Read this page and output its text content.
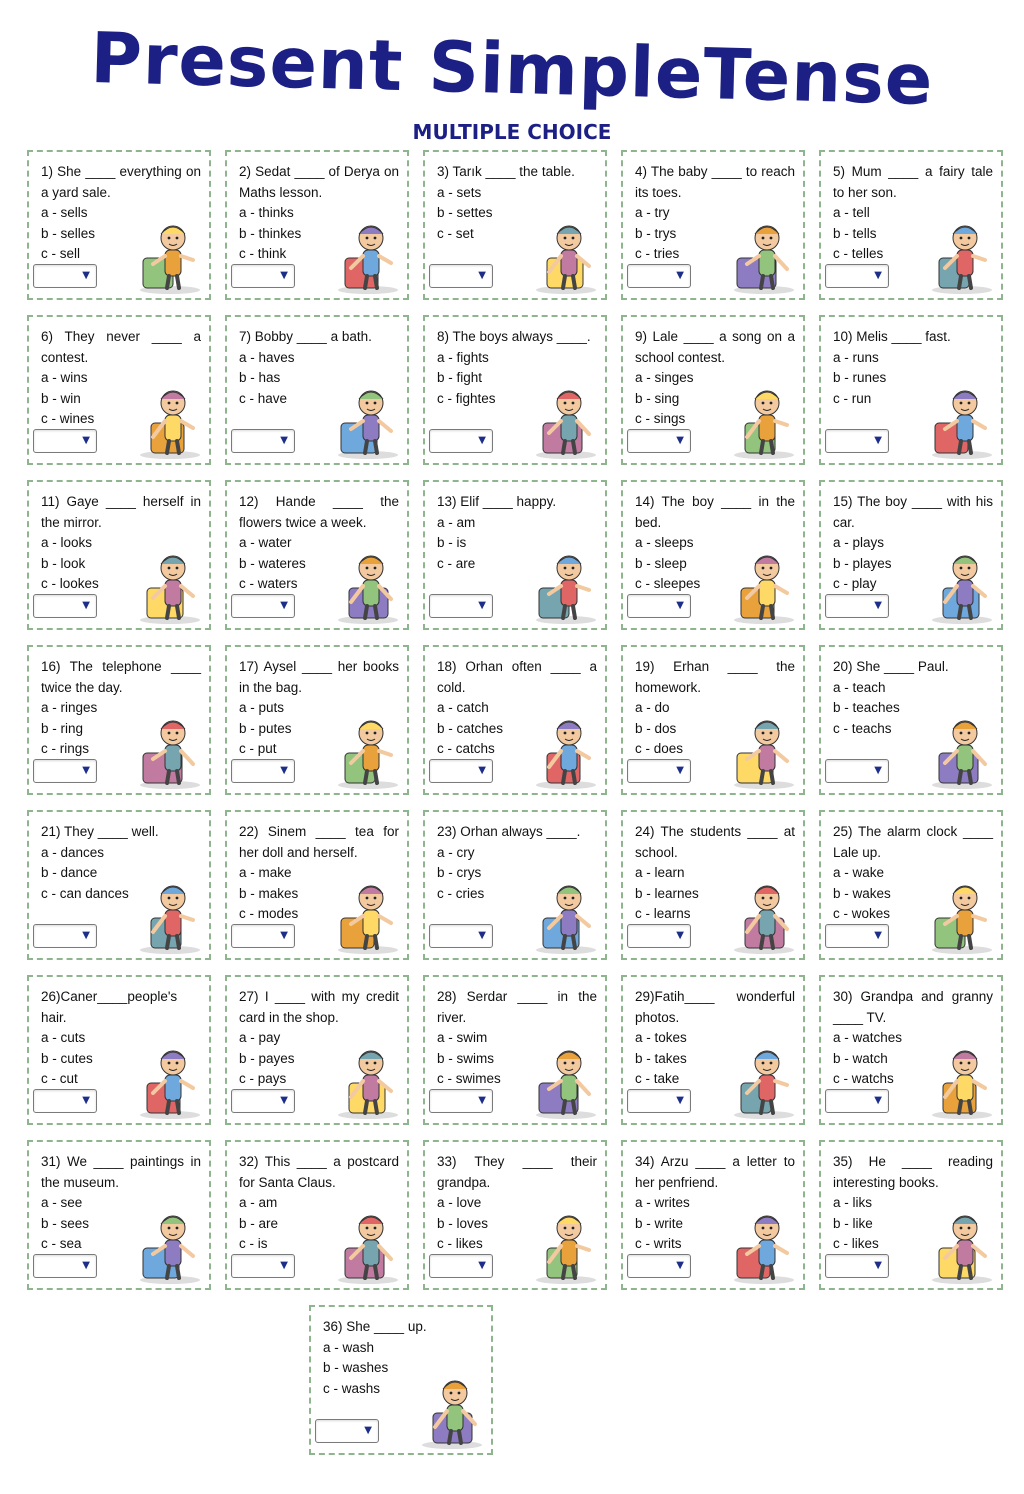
Present SimpleTense
MULTIPLE CHOICE
1) She ____ everything on a yard sale.
a - sells
b - selles
c - sell
▼
2) Sedat ____ of Derya on Maths lesson.
a - thinks
b - thinkes
c - think
▼
3) Tarık ____ the table.
a - sets
b - settes
c - set
▼
4) The baby ____ to reach its toes.
a - try
b - trys
c - tries
▼
5) Mum ____ a fairy tale to her son.
a - tell
b - tells
c - telles
▼
6) They never ____ a contest.
a - wins
b - win
c - wines
▼
7) Bobby ____ a bath.
a - haves
b - has
c - have
▼
8) The boys always ____.
a - fights
b - fight
c - fightes
▼
9) Lale ____ a song on a school contest.
a - singes
b - sing
c - sings
▼
10) Melis ____ fast.
a - runs
b - runes
c - run
▼
11) Gaye ____ herself in the mirror.
a - looks
b - look
c - lookes
▼
12) Hande ____ the flowers twice a week.
a - water
b - wateres
c - waters
▼
13) Elif ____ happy.
a - am
b - is
c - are
▼
14) The boy ____ in the bed.
a - sleeps
b - sleep
c - sleepes
▼
15) The boy ____ with his car.
a - plays
b - playes
c - play
▼
16) The telephone ____ twice the day.
a - ringes
b - ring
c - rings
▼
17) Aysel ____ her books in the bag.
a - puts
b - putes
c - put
▼
18) Orhan often ____ a cold.
a - catch
b - catches
c - catchs
▼
19) Erhan ____ the homework.
a - do
b - dos
c - does
▼
20) She ____ Paul.
a - teach
b - teaches
c - teachs
▼
21) They ____ well.
a - dances
b - dance
c - can dances
▼
22) Sinem ____ tea for her doll and herself.
a - make
b - makes
c - modes
▼
23) Orhan always ____.
a - cry
b - crys
c - cries
▼
24) The students ____ at school.
a - learn
b - learnes
c - learns
▼
25) The alarm clock ____ Lale up.
a - wake
b - wakes
c - wokes
▼
26)Caner____people's hair.
a - cuts
b - cutes
c - cut
▼
27) I ____ with my credit card in the shop.
a - pay
b - payes
c - pays
▼
28) Serdar ____ in the river.
a - swim
b - swims
c - swimes
▼
29)Fatih____ wonderful photos.
a - tokes
b - takes
c - take
▼
30) Grandpa and granny ____ TV.
a - watches
b - watch
c - watchs
▼
31) We ____ paintings in the museum.
a - see
b - sees
c - sea
▼
32) This ____ a postcard for Santa Claus.
a - am
b - are
c - is
▼
33) They ____ their grandpa.
a - love
b - loves
c - likes
▼
34) Arzu ____ a letter to her penfriend.
a - writes
b - write
c - writs
▼
35) He ____ reading interesting books.
a - liks
b - like
c - likes
▼
36) She ____ up.
a - wash
b - washes
c - washs
▼
